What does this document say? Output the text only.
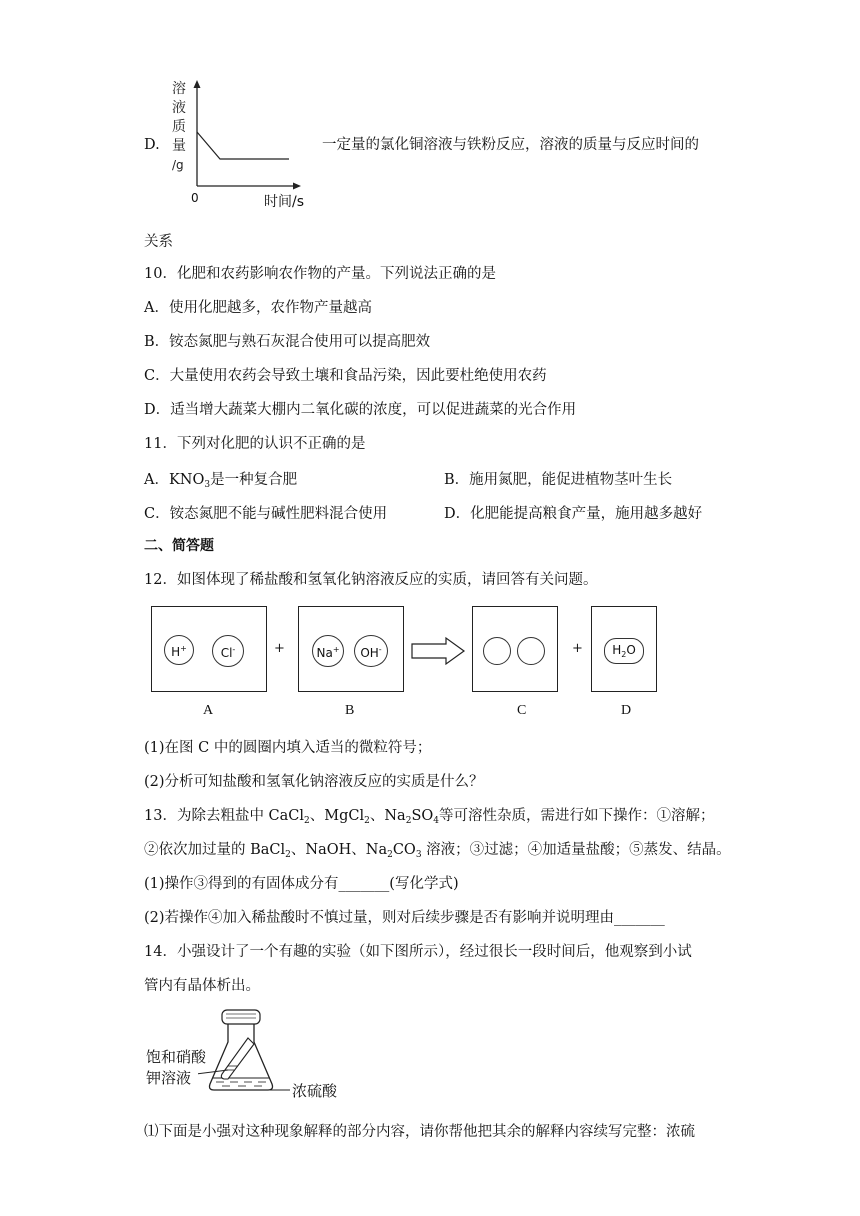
D.
溶
液
质
量
/g
0	时间/s
一定量的氯化铜溶液与铁粉反应，溶液的质量与反应时间的
关系
10．化肥和农药影响农作物的产量。下列说法正确的是
A．使用化肥越多，农作物产量越高
B．铵态氮肥与熟石灰混合使用可以提高肥效
C．大量使用农药会导致土壤和食品污染，因此要杜绝使用农药
D．适当增大蔬菜大棚内二氧化碳的浓度，可以促进蔬菜的光合作用
11．下列对化肥的认识不正确的是
A．$KNO_3$是一种复合肥	B．施用氮肥，能促进植物茎叶生长
C．铵态氮肥不能与碱性肥料混合使用	D．化肥能提高粮食产量，施用越多越好
二、简答题
12．如图体现了稀盐酸和氢氧化钠溶液反应的实质，请回答有关问题。
H+	Cl-	+	Na+	OH-	+	$H_2O$
A	B	C	D
(1)在图 C 中的圆圈内填入适当的微粒符号；
(2)分析可知盐酸和氢氧化钠溶液反应的实质是什么？
13．为除去粗盐中 CaCl$_2$、MgCl$_2$、$Na_2SO_4$等可溶性杂质，需进行如下操作：①溶解；
②依次加过量的 BaCl$_2$、NaOH、$Na_2CO_3$ 溶液；③过滤；④加适量盐酸；⑤蒸发、结晶。
(1)操作③得到的有固体成分有_______(写化学式)
(2)若操作④加入稀盐酸时不慎过量，则对后续步骤是否有影响并说明理由_______
14．小强设计了一个有趣的实验（如下图所示），经过很长一段时间后，他观察到小试
管内有晶体析出。
饱和硝酸
钾溶液
浓硫酸
⑴下面是小强对这种现象解释的部分内容，请你帮他把其余的解释内容续写完整：浓硫
